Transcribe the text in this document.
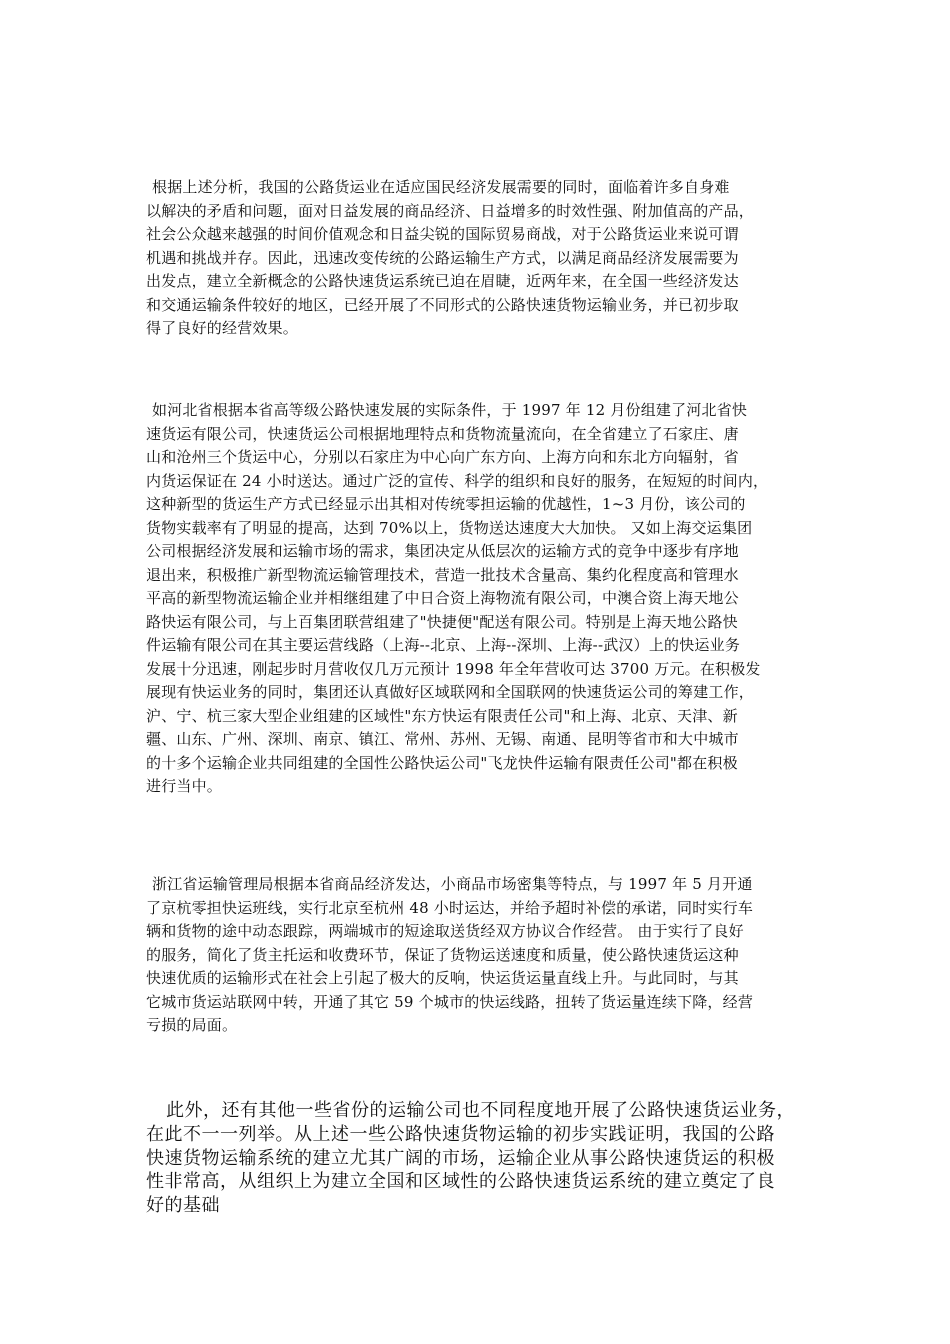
根据上述分析，我国的公路货运业在适应国民经济发展需要的同时，面临着许多自身难
以解决的矛盾和问题，面对日益发展的商品经济、日益增多的时效性强、附加值高的产品，
社会公众越来越强的时间价值观念和日益尖锐的国际贸易商战，对于公路货运业来说可谓
机遇和挑战并存。因此，迅速改变传统的公路运输生产方式，以满足商品经济发展需要为
出发点，建立全新概念的公路快速货运系统已迫在眉睫，近两年来，在全国一些经济发达
和交通运输条件较好的地区，已经开展了不同形式的公路快速货物运输业务，并已初步取
得了良好的经营效果。
如河北省根据本省高等级公路快速发展的实际条件，于 1997 年 12 月份组建了河北省快
速货运有限公司，快速货运公司根据地理特点和货物流量流向，在全省建立了石家庄、唐
山和沧州三个货运中心，分别以石家庄为中心向广东方向、上海方向和东北方向辐射，省
内货运保证在 24 小时送达。通过广泛的宣传、科学的组织和良好的服务，在短短的时间内，
这种新型的货运生产方式已经显示出其相对传统零担运输的优越性，1~3 月份，该公司的
货物实载率有了明显的提高，达到 70%以上，货物送达速度大大加快。 又如上海交运集团
公司根据经济发展和运输市场的需求，集团决定从低层次的运输方式的竞争中逐步有序地
退出来，积极推广新型物流运输管理技术，营造一批技术含量高、集约化程度高和管理水
平高的新型物流运输企业并相继组建了中日合资上海物流有限公司，中澳合资上海天地公
路快运有限公司，与上百集团联营组建了"快捷便"配送有限公司。特别是上海天地公路快
件运输有限公司在其主要运营线路（上海--北京、上海--深圳、上海--武汉）上的快运业务
发展十分迅速，刚起步时月营收仅几万元预计 1998 年全年营收可达 3700 万元。在积极发
展现有快运业务的同时，集团还认真做好区域联网和全国联网的快速货运公司的筹建工作，
沪、宁、杭三家大型企业组建的区域性"东方快运有限责任公司"和上海、北京、天津、新
疆、山东、广州、深圳、南京、镇江、常州、苏州、无锡、南通、昆明等省市和大中城市
的十多个运输企业共同组建的全国性公路快运公司"飞龙快件运输有限责任公司"都在积极
进行当中。
浙江省运输管理局根据本省商品经济发达，小商品市场密集等特点，与 1997 年 5 月开通
了京杭零担快运班线，实行北京至杭州 48 小时运达，并给予超时补偿的承诺，同时实行车
辆和货物的途中动态跟踪，两端城市的短途取送货经双方协议合作经营。 由于实行了良好
的服务，简化了货主托运和收费环节，保证了货物运送速度和质量，使公路快速货运这种
快速优质的运输形式在社会上引起了极大的反响，快运货运量直线上升。与此同时，与其
它城市货运站联网中转，开通了其它 59 个城市的快运线路，扭转了货运量连续下降，经营
亏损的局面。
此外，还有其他一些省份的运输公司也不同程度地开展了公路快速货运业务，
在此不一一列举。从上述一些公路快速货物运输的初步实践证明，我国的公路
快速货物运输系统的建立尤其广阔的市场，运输企业从事公路快速货运的积极
性非常高，从组织上为建立全国和区域性的公路快速货运系统的建立奠定了良
好的基础
